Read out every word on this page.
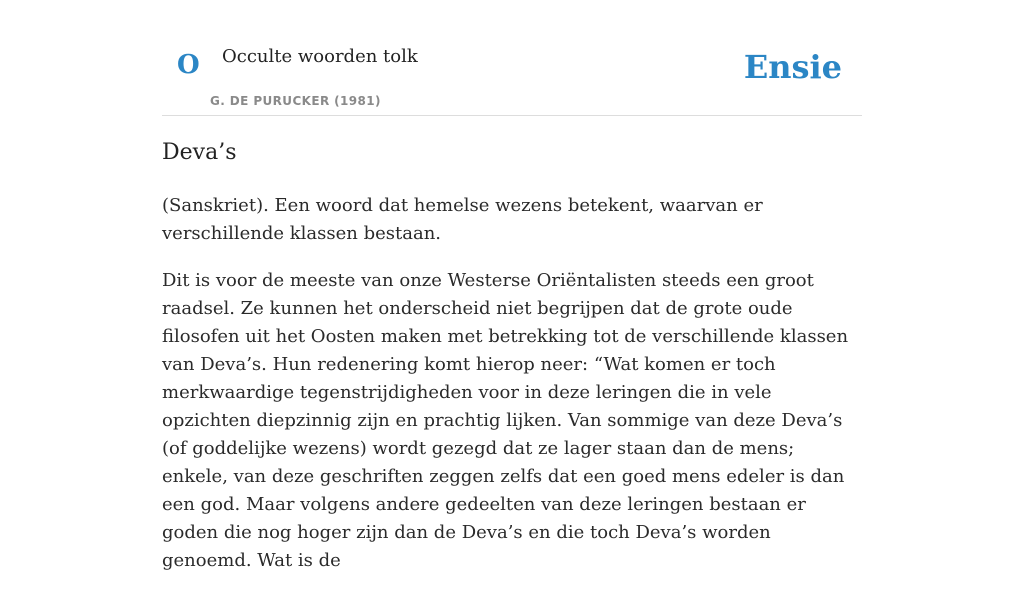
O Occulte woorden tolk
G. DE PURUCKER (1981)
Ensie
Deva’s

(Sanskriet). Een woord dat hemelse wezens betekent, waarvan er verschillende klassen bestaan.

Dit is voor de meeste van onze Westerse Oriëntalisten steeds een groot raadsel. Ze kunnen het onderscheid niet begrijpen dat de grote oude filosofen uit het Oosten maken met betrekking tot de verschillende klassen van Deva’s. Hun redenering komt hierop neer: “Wat komen er toch merkwaardige tegenstrijdigheden voor in deze leringen die in vele opzichten diepzinnig zijn en prachtig lijken. Van sommige van deze Deva’s (of goddelijke wezens) wordt gezegd dat ze lager staan dan de mens; enkele, van deze geschriften zeggen zelfs dat een goed mens edeler is dan een god. Maar volgens andere gedeelten van deze leringen bestaan er goden die nog hoger zijn dan de Deva’s en die toch Deva’s worden genoemd. Wat is de
